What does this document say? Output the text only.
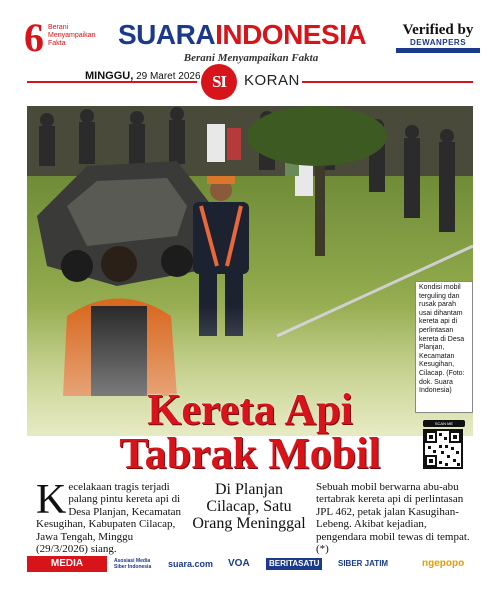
6 Berani Menyampaikan Fakta	SUARAINDONESIA
Berani Menyampaikan Fakta
Verified by
DEWANPERS
MINGGU, 29 Maret 2026 SI	KORAN
Kondisi mobil terguling dan rusak parah usai dihantam kereta api di perlintasan kereta di Desa Planjan, Kecamatan Kesugihan, Cilacap. (Foto: dok. Suara Indonesia)
SCAN ME
Kereta Api
Tabrak Mobil
Kecelakaan tragis terjadi palang pintu kereta api di Desa Planjan, Kecamatan Kesugihan, Kabupaten Cilacap, Jawa Tengah, Minggu (29/3/2026) siang.
Di Planjan Cilacap, Satu Orang Meninggal
Sebuah mobil berwarna abu-abu tertabrak kereta api di perlintasan JPL 462, petak jalan Kasugihan-Lebeng. Akibat kejadian, pengendara mobil tewas di tempat. (*)
MEDIA PARTNER
Asosiasi Media Siber Indonesia	suara.com VOA	BERITASATU	SIBER JATIM	ngepopo
